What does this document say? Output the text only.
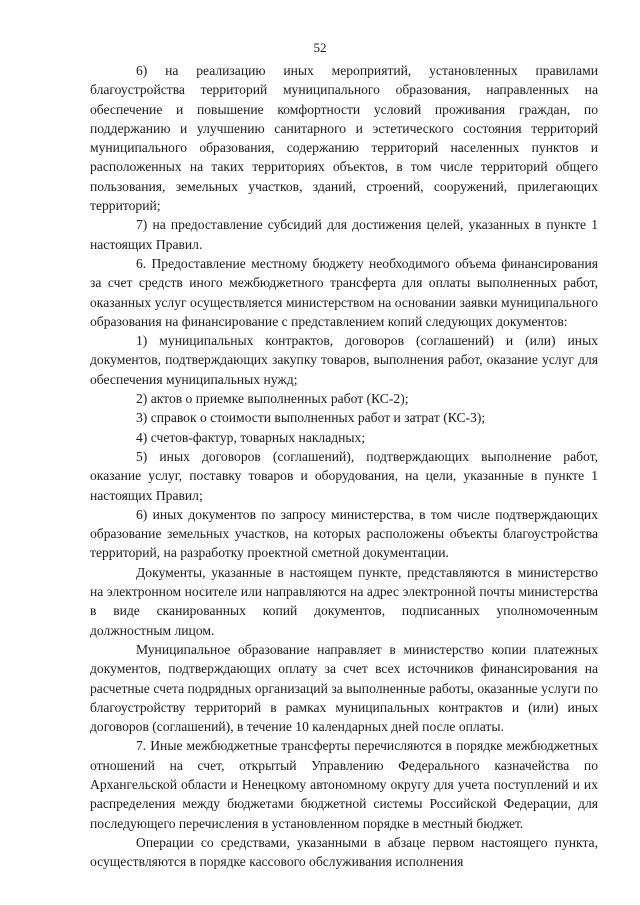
52

6) на реализацию иных мероприятий, установленных правилами благоустройства территорий муниципального образования, направленных на обеспечение и повышение комфортности условий проживания граждан, по поддержанию и улучшению санитарного и эстетического состояния территорий муниципального образования, содержанию территорий населенных пунктов и расположенных на таких территориях объектов, в том числе территорий общего пользования, земельных участков, зданий, строений, сооружений, прилегающих территорий;

7) на предоставление субсидий для достижения целей, указанных в пункте 1 настоящих Правил.

6. Предоставление местному бюджету необходимого объема финансирования за счет средств иного межбюджетного трансферта для оплаты выполненных работ, оказанных услуг осуществляется министерством на основании заявки муниципального образования на финансирование с представлением копий следующих документов:

1) муниципальных контрактов, договоров (соглашений) и (или) иных документов, подтверждающих закупку товаров, выполнения работ, оказание услуг для обеспечения муниципальных нужд;

2) актов о приемке выполненных работ (КС-2);

3) справок о стоимости выполненных работ и затрат (КС-3);

4) счетов-фактур, товарных накладных;

5) иных договоров (соглашений), подтверждающих выполнение работ, оказание услуг, поставку товаров и оборудования, на цели, указанные в пункте 1 настоящих Правил;

6) иных документов по запросу министерства, в том числе подтверждающих образование земельных участков, на которых расположены объекты благоустройства территорий, на разработку проектной сметной документации.

Документы, указанные в настоящем пункте, представляются в министерство на электронном носителе или направляются на адрес электронной почты министерства в виде сканированных копий документов, подписанных уполномоченным должностным лицом.

Муниципальное образование направляет в министерство копии платежных документов, подтверждающих оплату за счет всех источников финансирования на расчетные счета подрядных организаций за выполненные работы, оказанные услуги по благоустройству территорий в рамках муниципальных контрактов и (или) иных договоров (соглашений), в течение 10 календарных дней после оплаты.

7. Иные межбюджетные трансферты перечисляются в порядке межбюджетных отношений на счет, открытый Управлению Федерального казначейства по Архангельской области и Ненецкому автономному округу для учета поступлений и их распределения между бюджетами бюджетной системы Российской Федерации, для последующего перечисления в установленном порядке в местный бюджет.

Операции со средствами, указанными в абзаце первом настоящего пункта, осуществляются в порядке кассового обслуживания исполнения
